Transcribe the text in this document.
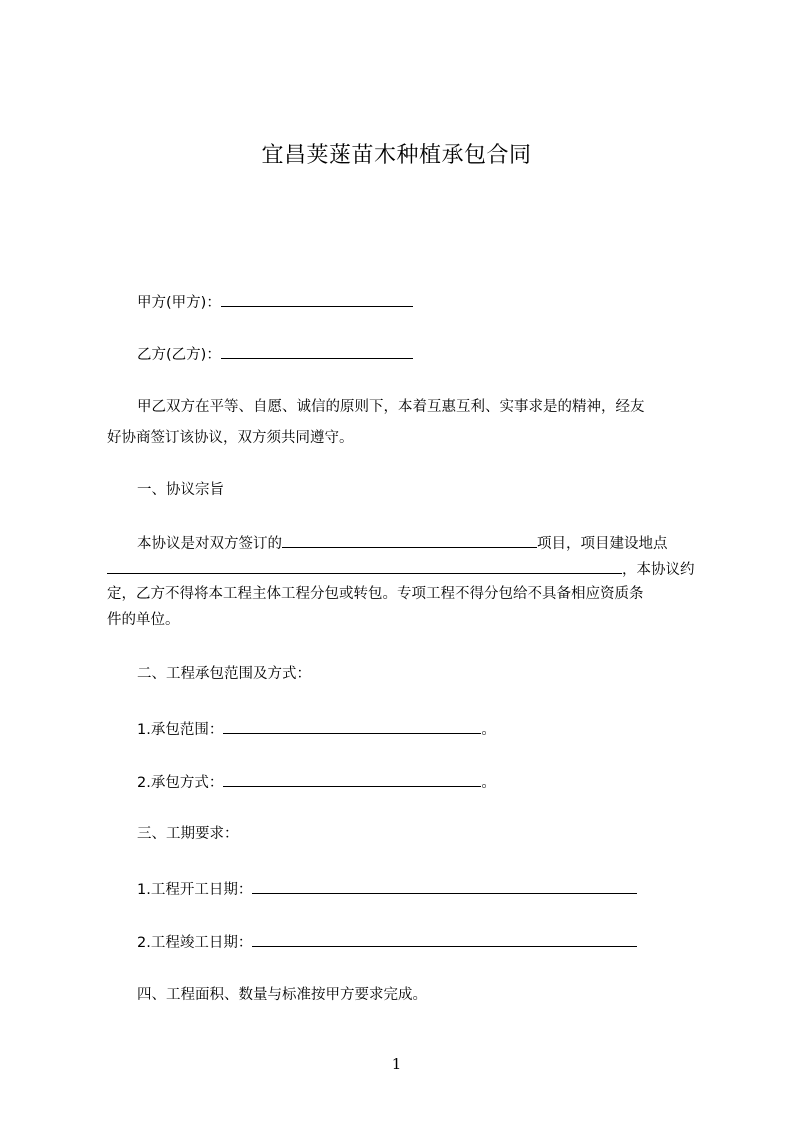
宜昌荚蒾苗木种植承包合同
甲方(甲方)：
乙方(乙方)：
甲乙双方在平等、自愿、诚信的原则下，本着互惠互利、实事求是的精神，经友
好协商签订该协议，双方须共同遵守。
一、协议宗旨
本协议是对双方签订的	项目，项目建设地点
，本协议约
定，乙方不得将本工程主体工程分包或转包。专项工程不得分包给不具备相应资质条
件的单位。
二、工程承包范围及方式：
1.承包范围：	。
2.承包方式：	。
三、工期要求：
1.工程开工日期：
2.工程竣工日期：
四、工程面积、数量与标准按甲方要求完成。
1
